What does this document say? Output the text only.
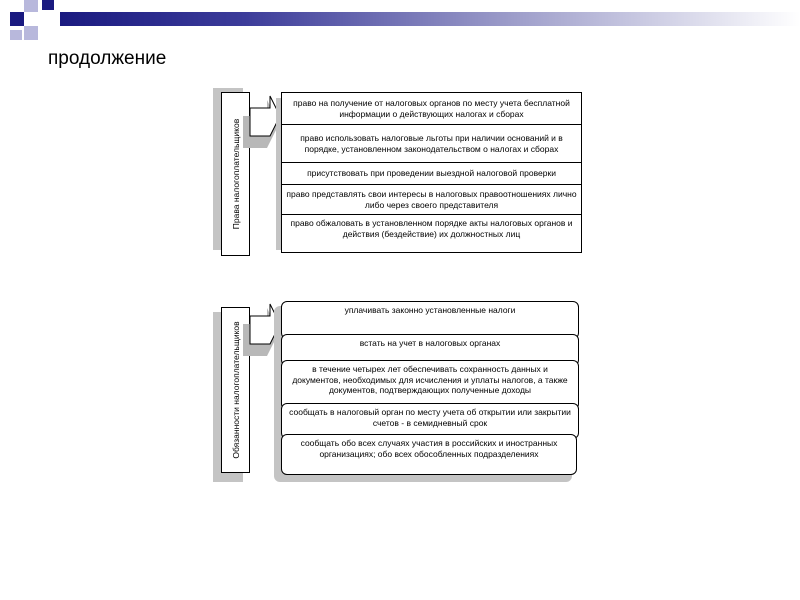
продолжение
Права налогоплательщиков
право на получение от налоговых органов по месту учета бесплатной информации о действующих налогах и сборах
право использовать налоговые льготы при наличии оснований и в порядке, установленном законодательством о налогах и сборах
присутствовать при проведении выездной налоговой проверки
право представлять свои интересы в налоговых правоотношениях лично либо через своего представителя
право обжаловать в установленном порядке акты налоговых органов и действия (бездействие) их должностных лиц
Обязанности налогоплательщиков
уплачивать законно установленные налоги
встать на учет в налоговых органах
в течение четырех лет обеспечивать сохранность данных и документов, необходимых для исчисления и уплаты налогов, а также документов, подтверждающих полученные доходы
сообщать в налоговый орган по месту учета об открытии или закрытии счетов - в семидневный срок
сообщать обо всех случаях участия в российских и иностранных организациях; обо всех обособленных подразделениях
